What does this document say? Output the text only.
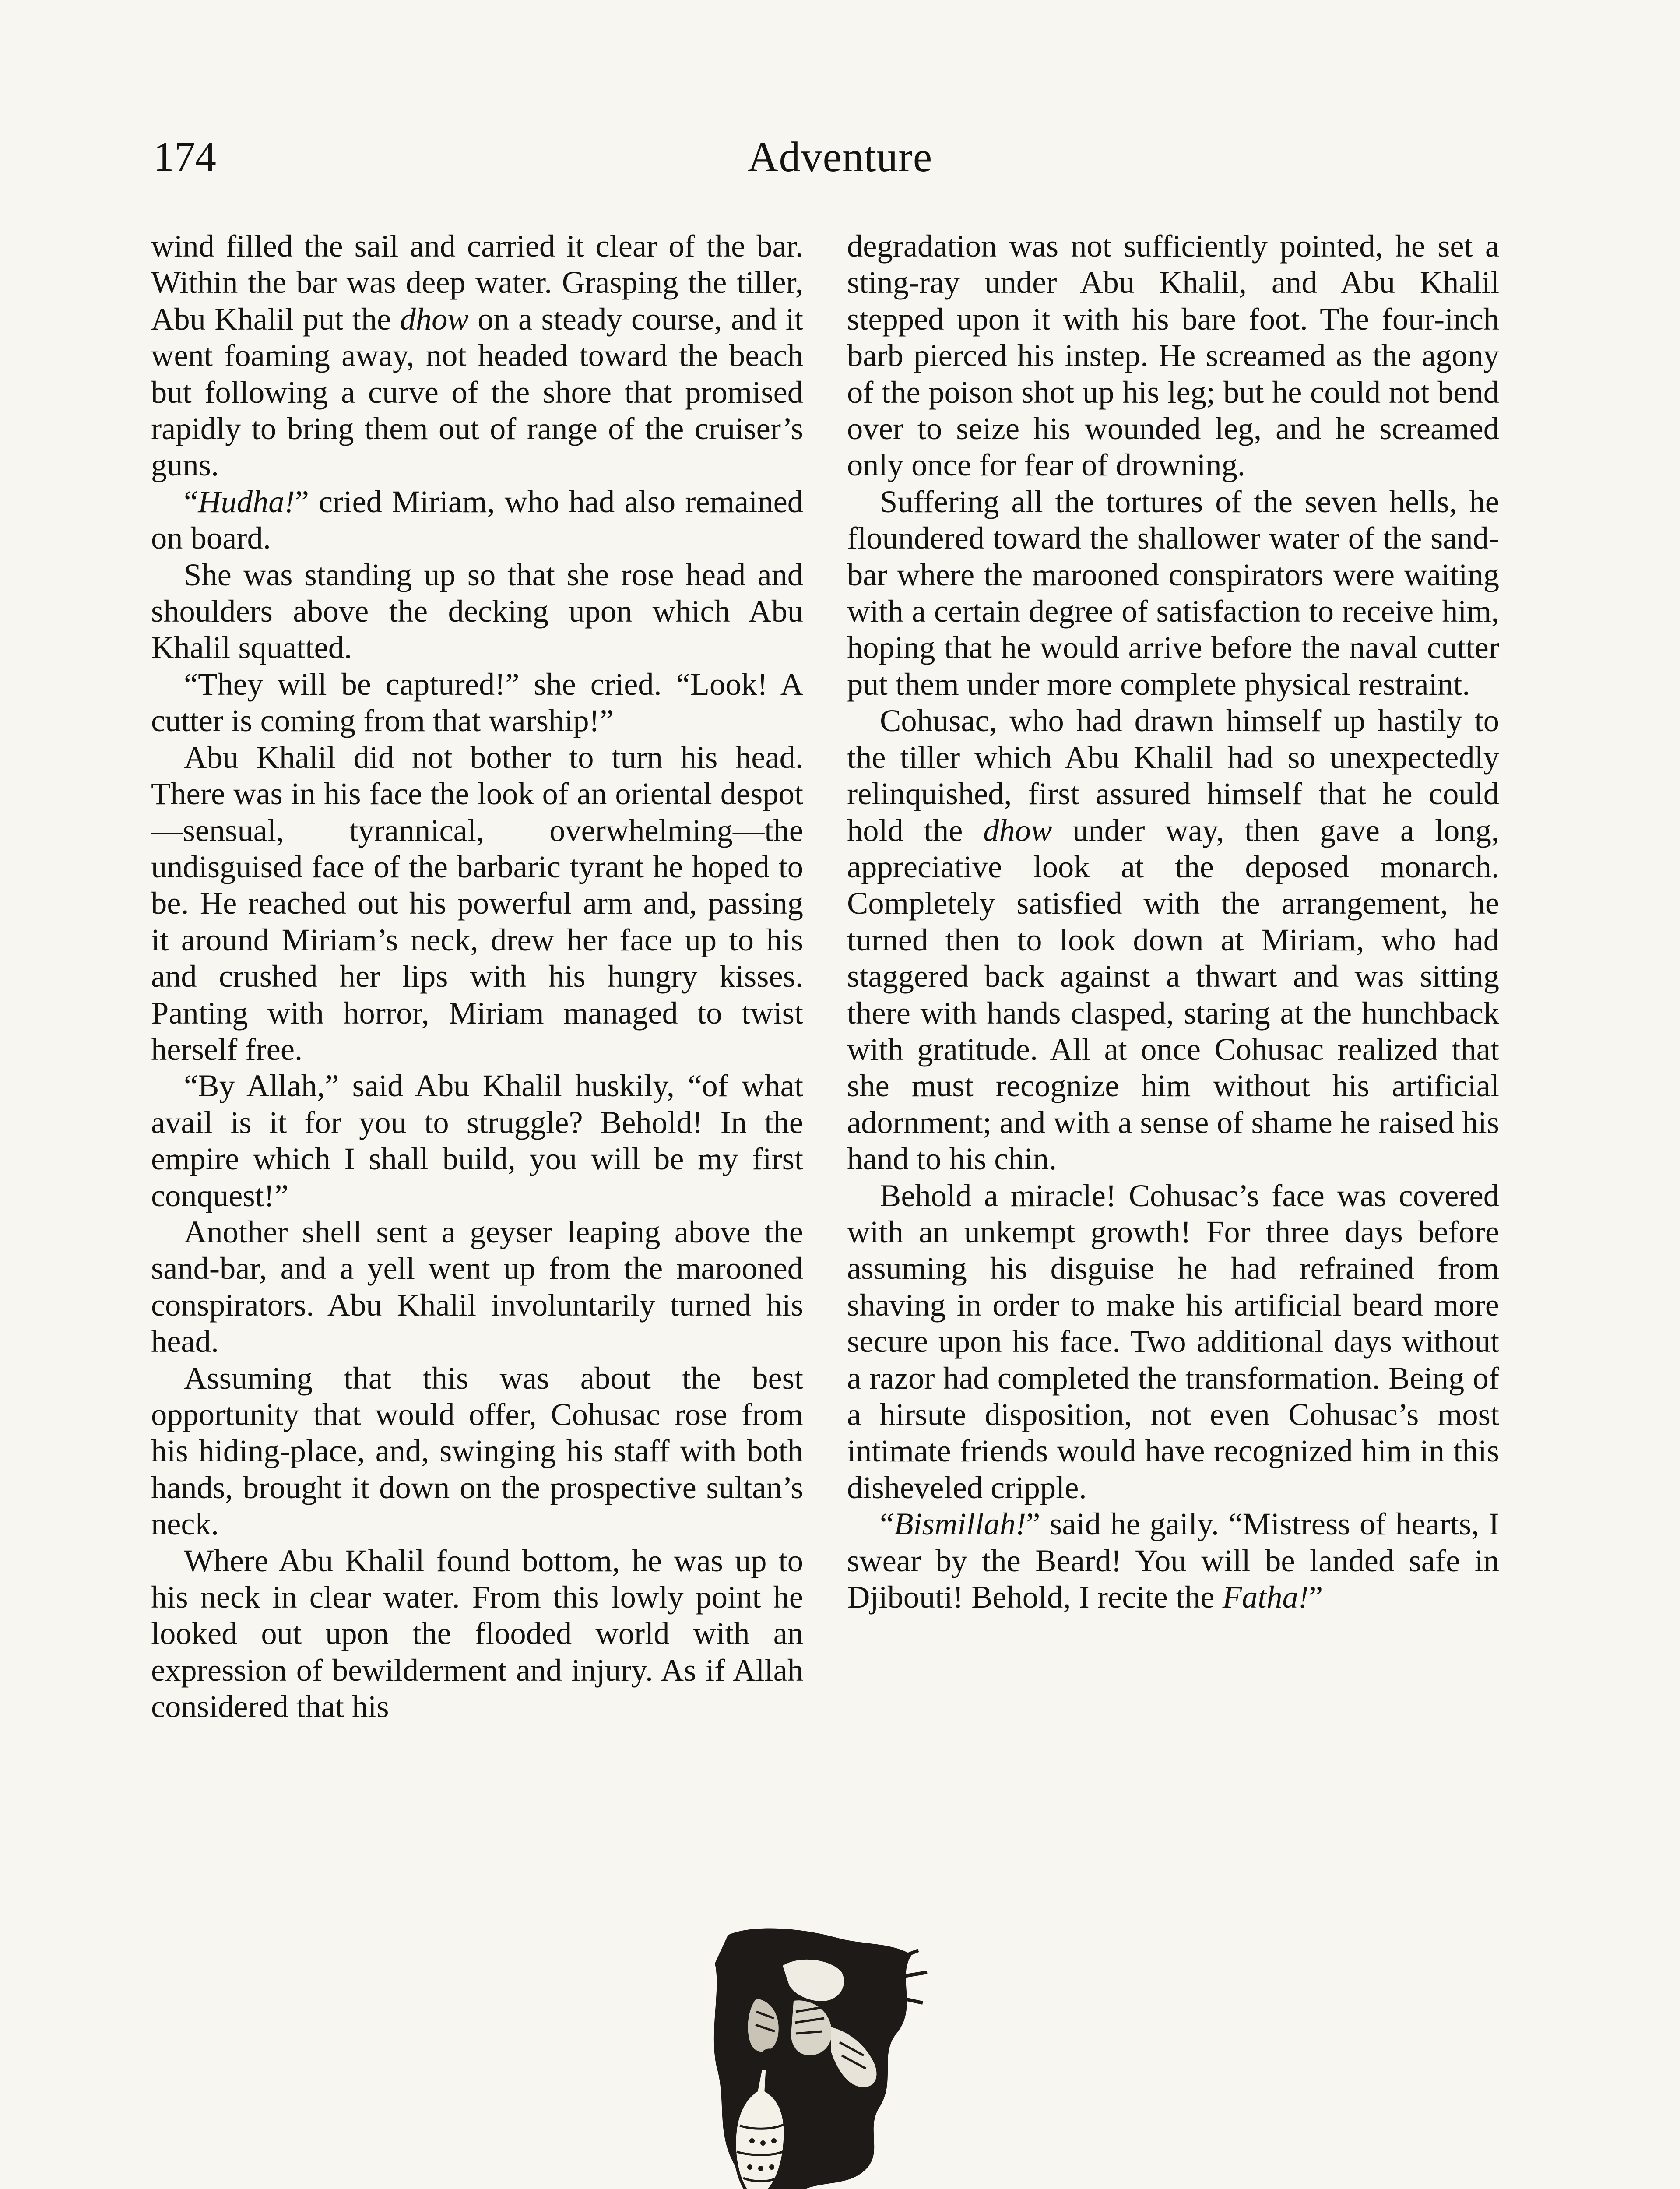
174	Adventure

wind filled the sail and carried it clear of the bar. Within the bar was deep water. Grasping the tiller, Abu Khalil put the dhow on a steady course, and it went foaming away, not headed toward the beach but following a curve of the shore that promised rapidly to bring them out of range of the cruiser’s guns.

“Hudha!” cried Miriam, who had also remained on board.

She was standing up so that she rose head and shoulders above the decking upon which Abu Khalil squatted.

“They will be captured!” she cried. “Look! A cutter is coming from that warship!”

Abu Khalil did not bother to turn his head. There was in his face the look of an oriental despot—sensual, tyrannical, overwhelming—the undisguised face of the barbaric tyrant he hoped to be. He reached out his powerful arm and, passing it around Miriam’s neck, drew her face up to his and crushed her lips with his hungry kisses. Panting with horror, Miriam managed to twist herself free.

“By Allah,” said Abu Khalil huskily, “of what avail is it for you to struggle? Behold! In the empire which I shall build, you will be my first conquest!”

Another shell sent a geyser leaping above the sand-bar, and a yell went up from the marooned conspirators. Abu Khalil involuntarily turned his head.

Assuming that this was about the best opportunity that would offer, Cohusac rose from his hiding-place, and, swinging his staff with both hands, brought it down on the prospective sultan’s neck.

Where Abu Khalil found bottom, he was up to his neck in clear water. From this lowly point he looked out upon the flooded world with an expression of bewilderment and injury. As if Allah considered that his

degradation was not sufficiently pointed, he set a sting-ray under Abu Khalil, and Abu Khalil stepped upon it with his bare foot. The four-inch barb pierced his instep. He screamed as the agony of the poison shot up his leg; but he could not bend over to seize his wounded leg, and he screamed only once for fear of drowning.

Suffering all the tortures of the seven hells, he floundered toward the shallower water of the sand-bar where the marooned conspirators were waiting with a certain degree of satisfaction to receive him, hoping that he would arrive before the naval cutter put them under more complete physical restraint.

Cohusac, who had drawn himself up hastily to the tiller which Abu Khalil had so unexpectedly relinquished, first assured himself that he could hold the dhow under way, then gave a long, appreciative look at the deposed monarch. Completely satisfied with the arrangement, he turned then to look down at Miriam, who had staggered back against a thwart and was sitting there with hands clasped, staring at the hunchback with gratitude. All at once Cohusac realized that she must recognize him without his artificial adornment; and with a sense of shame he raised his hand to his chin.

Behold a miracle! Cohusac’s face was covered with an unkempt growth! For three days before assuming his disguise he had refrained from shaving in order to make his artificial beard more secure upon his face. Two additional days without a razor had completed the transformation. Being of a hirsute disposition, not even Cohusac’s most intimate friends would have recognized him in this disheveled cripple.

“Bismillah!” said he gaily. “Mistress of hearts, I swear by the Beard! You will be landed safe in Djibouti! Behold, I recite the Fatha!”
